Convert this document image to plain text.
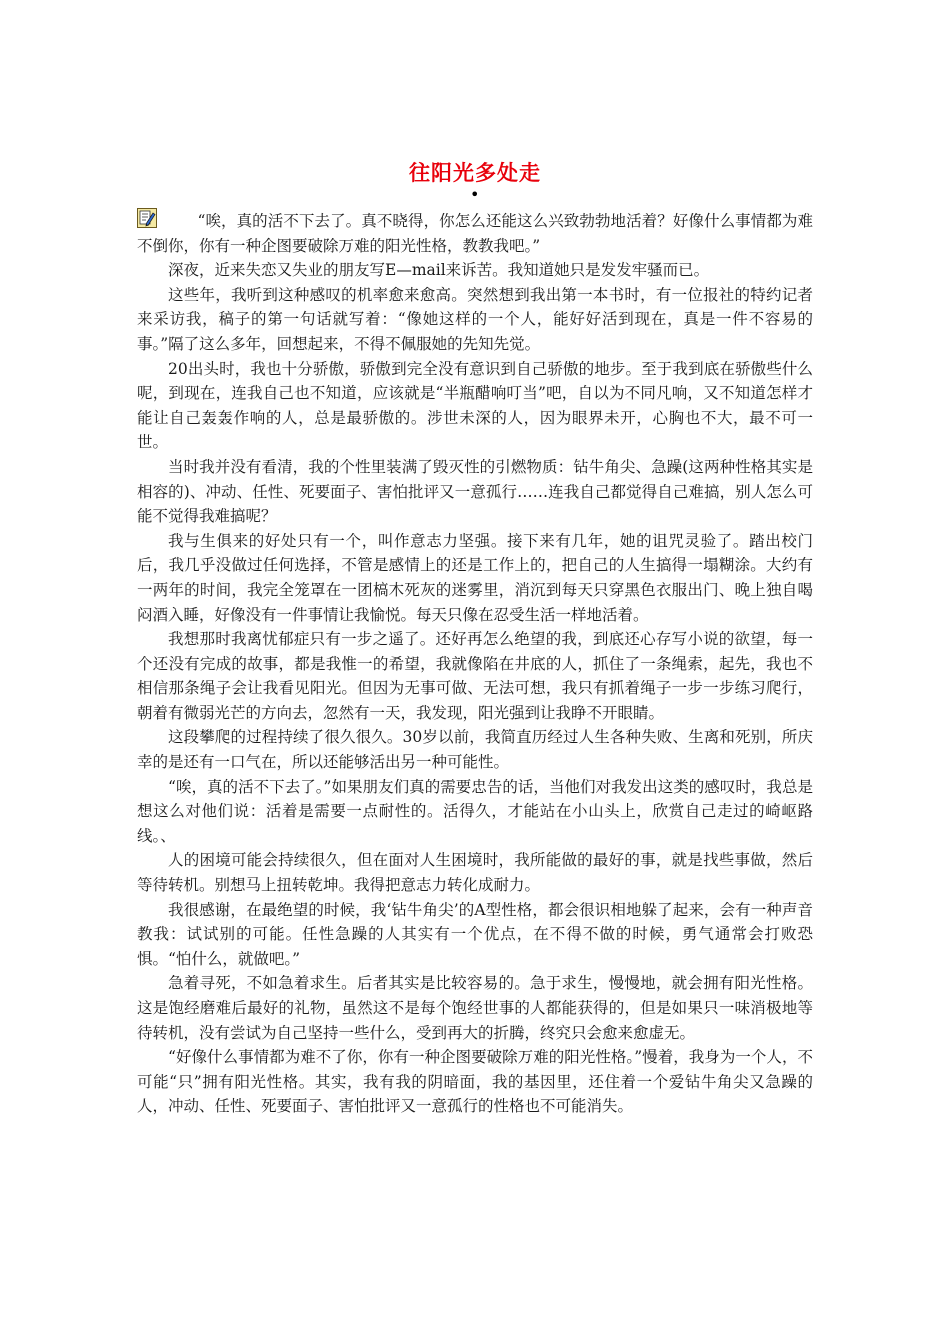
往阳光多处走
•

“唉，真的活不下去了。真不晓得，你怎么还能这么兴致勃勃地活着？好像什么事情都为难不倒你，你有一种企图要破除万难的阳光性格，教教我吧。”

深夜，近来失恋又失业的朋友写E—mail来诉苦。我知道她只是发发牢骚而已。

这些年，我听到这种感叹的机率愈来愈高。突然想到我出第一本书时，有一位报社的特约记者来采访我，稿子的第一句话就写着：“像她这样的一个人，能好好活到现在，真是一件不容易的事。”隔了这么多年，回想起来，不得不佩服她的先知先觉。

20出头时，我也十分骄傲，骄傲到完全没有意识到自己骄傲的地步。至于我到底在骄傲些什么呢，到现在，连我自己也不知道，应该就是“半瓶醋响叮当”吧，自以为不同凡响，又不知道怎样才能让自己轰轰作响的人，总是最骄傲的。涉世未深的人，因为眼界未开，心胸也不大，最不可一世。

当时我并没有看清，我的个性里装满了毁灭性的引燃物质：钻牛角尖、急躁(这两种性格其实是相容的)、冲动、任性、死要面子、害怕批评又一意孤行……连我自己都觉得自己难搞，别人怎么可能不觉得我难搞呢？

我与生俱来的好处只有一个，叫作意志力坚强。接下来有几年，她的诅咒灵验了。踏出校门后，我几乎没做过任何选择，不管是感情上的还是工作上的，把自己的人生搞得一塌糊涂。大约有一两年的时间，我完全笼罩在一团槁木死灰的迷雾里，消沉到每天只穿黑色衣服出门、晚上独自喝闷酒入睡，好像没有一件事情让我愉悦。每天只像在忍受生活一样地活着。

我想那时我离忧郁症只有一步之遥了。还好再怎么绝望的我，到底还心存写小说的欲望，每一个还没有完成的故事，都是我惟一的希望，我就像陷在井底的人，抓住了一条绳索，起先，我也不相信那条绳子会让我看见阳光。但因为无事可做、无法可想，我只有抓着绳子一步一步练习爬行，朝着有微弱光芒的方向去，忽然有一天，我发现，阳光强到让我睁不开眼睛。

这段攀爬的过程持续了很久很久。30岁以前，我简直历经过人生各种失败、生离和死别，所庆幸的是还有一口气在，所以还能够活出另一种可能性。

“唉，真的活不下去了。”如果朋友们真的需要忠告的话，当他们对我发出这类的感叹时，我总是想这么对他们说：活着是需要一点耐性的。活得久，才能站在小山头上，欣赏自己走过的崎岖路线。、

人的困境可能会持续很久，但在面对人生困境时，我所能做的最好的事，就是找些事做，然后等待转机。别想马上扭转乾坤。我得把意志力转化成耐力。

我很感谢，在最绝望的时候，我‘钻牛角尖’的A型性格，都会很识相地躲了起来，会有一种声音教我：试试别的可能。任性急躁的人其实有一个优点，在不得不做的时候，勇气通常会打败恐惧。“怕什么，就做吧。”

急着寻死，不如急着求生。后者其实是比较容易的。急于求生，慢慢地，就会拥有阳光性格。这是饱经磨难后最好的礼物，虽然这不是每个饱经世事的人都能获得的，但是如果只一味消极地等待转机，没有尝试为自己坚持一些什么，受到再大的折腾，终究只会愈来愈虚无。

“好像什么事情都为难不了你，你有一种企图要破除万难的阳光性格。”慢着，我身为一个人，不可能“只”拥有阳光性格。其实，我有我的阴暗面，我的基因里，还住着一个爱钻牛角尖又急躁的人，冲动、任性、死要面子、害怕批评又一意孤行的性格也不可能消失。
